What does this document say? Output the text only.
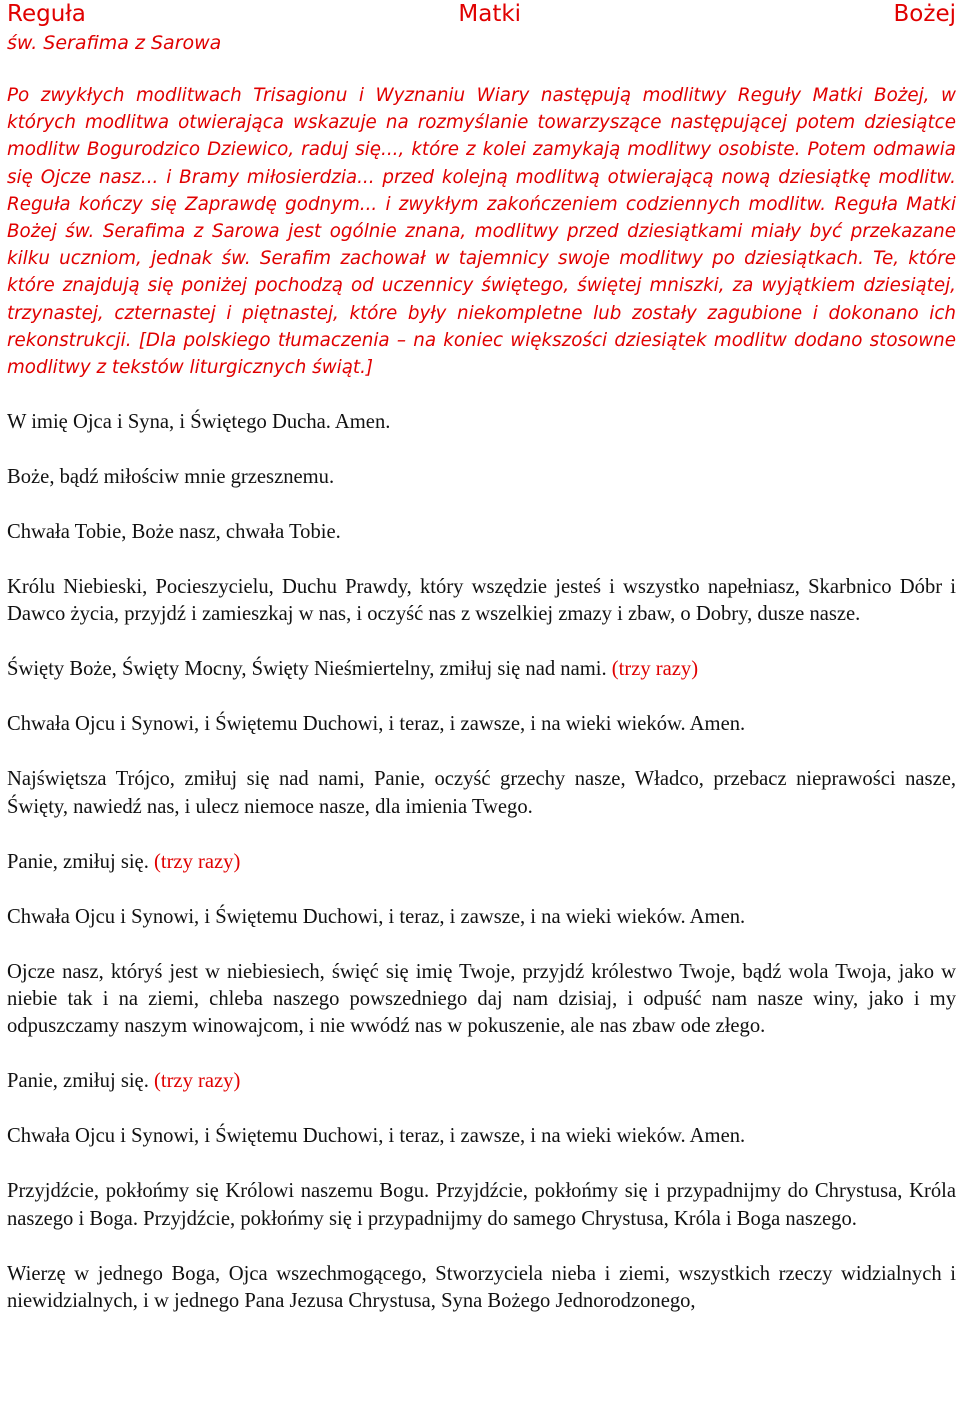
Reguła	Matki	Bożej
św. Serafima z Sarowa

Po zwykłych modlitwach Trisagionu i Wyznaniu Wiary następują modlitwy Reguły Matki Bożej, w których modlitwa otwierająca wskazuje na rozmyślanie towarzyszące następującej potem dziesiątce modlitw Bogurodzico Dziewico, raduj się..., które z kolei zamykają modlitwy osobiste. Potem odmawia się Ojcze nasz... i Bramy miłosierdzia... przed kolejną modlitwą otwierającą nową dziesiątkę modlitw. Reguła kończy się Zaprawdę godnym... i zwykłym zakończeniem codziennych modlitw. Reguła Matki Bożej św. Serafima z Sarowa jest ogólnie znana, modlitwy przed dziesiątkami miały być przekazane kilku uczniom, jednak św. Serafim zachował w tajemnicy swoje modlitwy po dziesiątkach. Te, które które znajdują się poniżej pochodzą od uczennicy świętego, świętej mniszki, za wyjątkiem dziesiątej, trzynastej, czternastej i piętnastej, które były niekompletne lub zostały zagubione i dokonano ich rekonstrukcji. [Dla polskiego tłumaczenia – na koniec większości dziesiątek modlitw dodano stosowne modlitwy z tekstów liturgicznych świąt.]

W imię Ojca i Syna, i Świętego Ducha. Amen.

Boże, bądź miłościw mnie grzesznemu.

Chwała Tobie, Boże nasz, chwała Tobie.

Królu Niebieski, Pocieszycielu, Duchu Prawdy, który wszędzie jesteś i wszystko napełniasz, Skarbnico Dóbr i Dawco życia, przyjdź i zamieszkaj w nas, i oczyść nas z wszelkiej zmazy i zbaw, o Dobry, dusze nasze.

Święty Boże, Święty Mocny, Święty Nieśmiertelny, zmiłuj się nad nami. (trzy razy)

Chwała Ojcu i Synowi, i Świętemu Duchowi, i teraz, i zawsze, i na wieki wieków. Amen.

Najświętsza Trójco, zmiłuj się nad nami, Panie, oczyść grzechy nasze, Władco, przebacz nieprawości nasze, Święty, nawiedź nas, i ulecz niemoce nasze, dla imienia Twego.

Panie, zmiłuj się. (trzy razy)

Chwała Ojcu i Synowi, i Świętemu Duchowi, i teraz, i zawsze, i na wieki wieków. Amen.

Ojcze nasz, któryś jest w niebiesiech, święć się imię Twoje, przyjdź królestwo Twoje, bądź wola Twoja, jako w niebie tak i na ziemi, chleba naszego powszedniego daj nam dzisiaj, i odpuść nam nasze winy, jako i my odpuszczamy naszym winowajcom, i nie wwódź nas w pokuszenie, ale nas zbaw ode złego.

Panie, zmiłuj się. (trzy razy)

Chwała Ojcu i Synowi, i Świętemu Duchowi, i teraz, i zawsze, i na wieki wieków. Amen.

Przyjdźcie, pokłońmy się Królowi naszemu Bogu. Przyjdźcie, pokłońmy się i przypadnijmy do Chrystusa, Króla naszego i Boga. Przyjdźcie, pokłońmy się i przypadnijmy do samego Chrystusa, Króla i Boga naszego.

Wierzę w jednego Boga, Ojca wszechmogącego, Stworzyciela nieba i ziemi, wszystkich rzeczy widzialnych i niewidzialnych, i w jednego Pana Jezusa Chrystusa, Syna Bożego Jednorodzonego,
